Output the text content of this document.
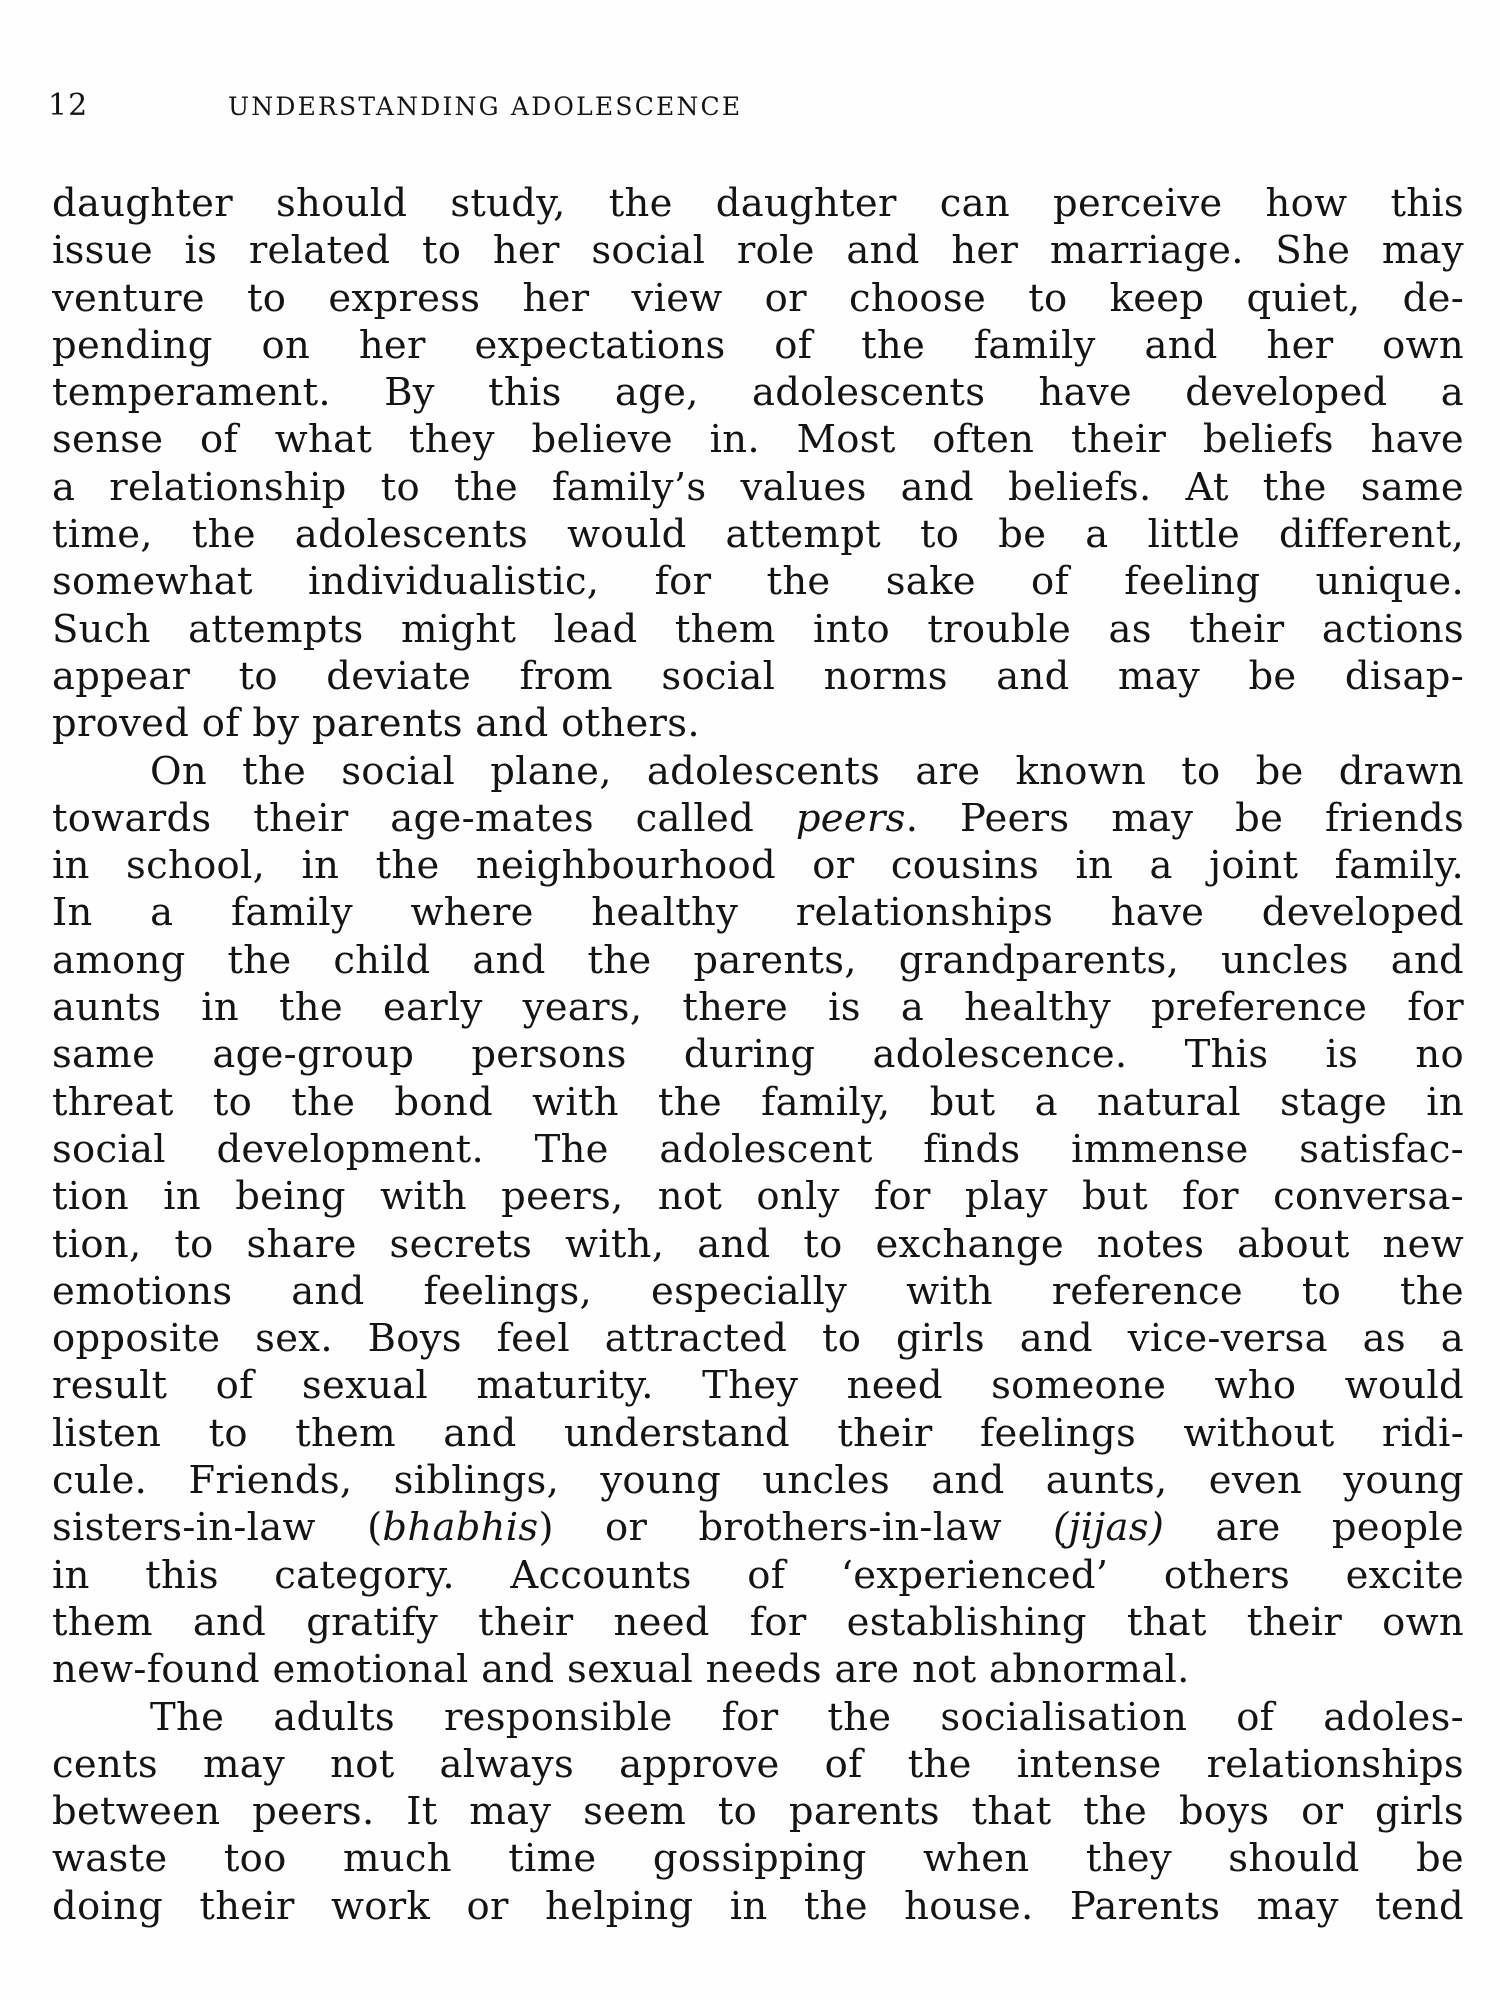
12	UNDERSTANDING ADOLESCENCE
daughter should study, the daughter can perceive how this
issue is related to her social role and her marriage. She may
venture to express her view or choose to keep quiet, de-
pending on her expectations of the family and her own
temperament. By this age, adolescents have developed a
sense of what they believe in. Most often their beliefs have
a relationship to the family’s values and beliefs. At the same
time, the adolescents would attempt to be a little different,
somewhat individualistic, for the sake of feeling unique.
Such attempts might lead them into trouble as their actions
appear to deviate from social norms and may be disap-
proved of by parents and others.
On the social plane, adolescents are known to be drawn
towards their age-mates called peers. Peers may be friends
in school, in the neighbourhood or cousins in a joint family.
In a family where healthy relationships have developed
among the child and the parents, grandparents, uncles and
aunts in the early years, there is a healthy preference for
same age-group persons during adolescence. This is no
threat to the bond with the family, but a natural stage in
social development. The adolescent finds immense satisfac-
tion in being with peers, not only for play but for conversa-
tion, to share secrets with, and to exchange notes about new
emotions and feelings, especially with reference to the
opposite sex. Boys feel attracted to girls and vice-versa as a
result of sexual maturity. They need someone who would
listen to them and understand their feelings without ridi-
cule. Friends, siblings, young uncles and aunts, even young
sisters-in-law (bhabhis) or brothers-in-law (jijas) are people
in this category. Accounts of ‘experienced’ others excite
them and gratify their need for establishing that their own
new-found emotional and sexual needs are not abnormal.
The adults responsible for the socialisation of adoles-
cents may not always approve of the intense relationships
between peers. It may seem to parents that the boys or girls
waste too much time gossipping when they should be
doing their work or helping in the house. Parents may tend
